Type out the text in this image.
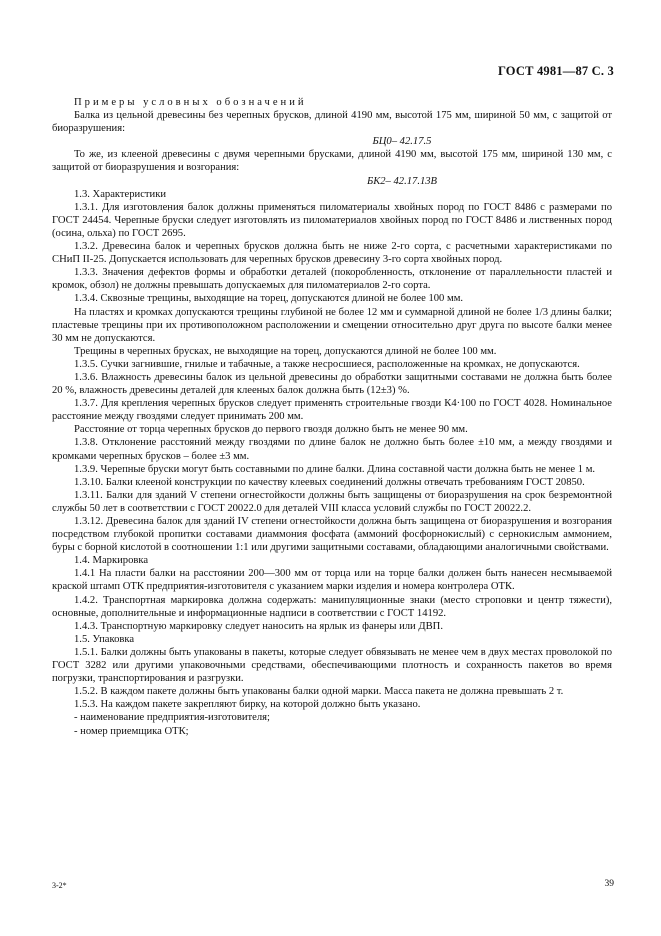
ГОСТ 4981—87 С. 3

Примеры условных обозначений

Балка из цельной древесины без черепных брусков, длиной 4190 мм, высотой 175 мм, шириной 50 мм, с защитой от биоразрушения:

БЦ0– 42.17.5

То же, из клееной древесины с двумя черепными брусками, длиной 4190 мм, высотой 175 мм, шириной 130 мм, с защитой от биоразрушения и возгорания:

БК2– 42.17.13В

1.3. Характеристики

1.3.1. Для изготовления балок должны применяться пиломатериалы хвойных пород по ГОСТ 8486 с размерами по ГОСТ 24454. Черепные бруски следует изготовлять из пиломатериалов хвойных пород по ГОСТ 8486 и лиственных пород (осина, ольха) по ГОСТ 2695.

1.3.2. Древесина балок и черепных брусков должна быть не ниже 2-го сорта, с расчетными характеристиками по СНиП II-25. Допускается использовать для черепных брусков древесину 3-го сорта хвойных пород.

1.3.3. Значения дефектов формы и обработки деталей (покоробленность, отклонение от параллельности пластей и кромок, обзол) не должны превышать допускаемых для пиломатериалов 2-го сорта.

1.3.4. Сквозные трещины, выходящие на торец, допускаются длиной не более 100 мм.

На пластях и кромках допускаются трещины глубиной не более 12 мм и суммарной длиной не более 1/3 длины балки; пластевые трещины при их противоположном расположении и смещении относительно друг друга по высоте балки менее 30 мм не допускаются.

Трещины в черепных брусках, не выходящие на торец, допускаются длиной не более 100 мм.

1.3.5. Сучки загнившие, гнилые и табачные, а также несросшиеся, расположенные на кромках, не допускаются.

1.3.6. Влажность древесины балок из цельной древесины до обработки защитными составами не должна быть более 20 %, влажность древесины деталей для клееных балок должна быть (12±3) %.

1.3.7. Для крепления черепных брусков следует применять строительные гвозди К4·100 по ГОСТ 4028. Номинальное расстояние между гвоздями следует принимать 200 мм.

Расстояние от торца черепных брусков до первого гвоздя должно быть не менее 90 мм.

1.3.8. Отклонение расстояний между гвоздями по длине балок не должно быть более ±10 мм, а между гвоздями и кромками черепных брусков – более ±3 мм.

1.3.9. Черепные бруски могут быть составными по длине балки. Длина составной части должна быть не менее 1 м.

1.3.10. Балки клееной конструкции по качеству клеевых соединений должны отвечать требованиям ГОСТ 20850.

1.3.11. Балки для зданий V степени огнестойкости должны быть защищены от биоразрушения на срок безремонтной службы 50 лет в соответствии с ГОСТ 20022.0 для деталей VIII класса условий службы по ГОСТ 20022.2.

1.3.12. Древесина балок для зданий IV степени огнестойкости должна быть защищена от биоразрушения и возгорания посредством глубокой пропитки составами диаммония фосфата (аммоний фосфорнокислый) с сернокислым аммонием, буры с борной кислотой в соотношении 1:1 или другими защитными составами, обладающими аналогичными свойствами.

1.4. Маркировка

1.4.1 На пласти балки на расстоянии 200—300 мм от торца или на торце балки должен быть нанесен несмываемой краской штамп ОТК предприятия-изготовителя с указанием марки изделия и номера контролера ОТК.

1.4.2. Транспортная маркировка должна содержать: манипуляционные знаки (место строповки и центр тяжести), основные, дополнительные и информационные надписи в соответствии с ГОСТ 14192.

1.4.3. Транспортную маркировку следует наносить на ярлык из фанеры или ДВП.

1.5. Упаковка

1.5.1. Балки должны быть упакованы в пакеты, которые следует обвязывать не менее чем в двух местах проволокой по ГОСТ 3282 или другими упаковочными средствами, обеспечивающими плотность и сохранность пакетов во время погрузки, транспортирования и разгрузки.

1.5.2. В каждом пакете должны быть упакованы балки одной марки. Масса пакета не должна превышать 2 т.

1.5.3. На каждом пакете закрепляют бирку, на которой должно быть указано.

- наименование предприятия-изготовителя;

- номер приемщика ОТК;

3-2*	39
